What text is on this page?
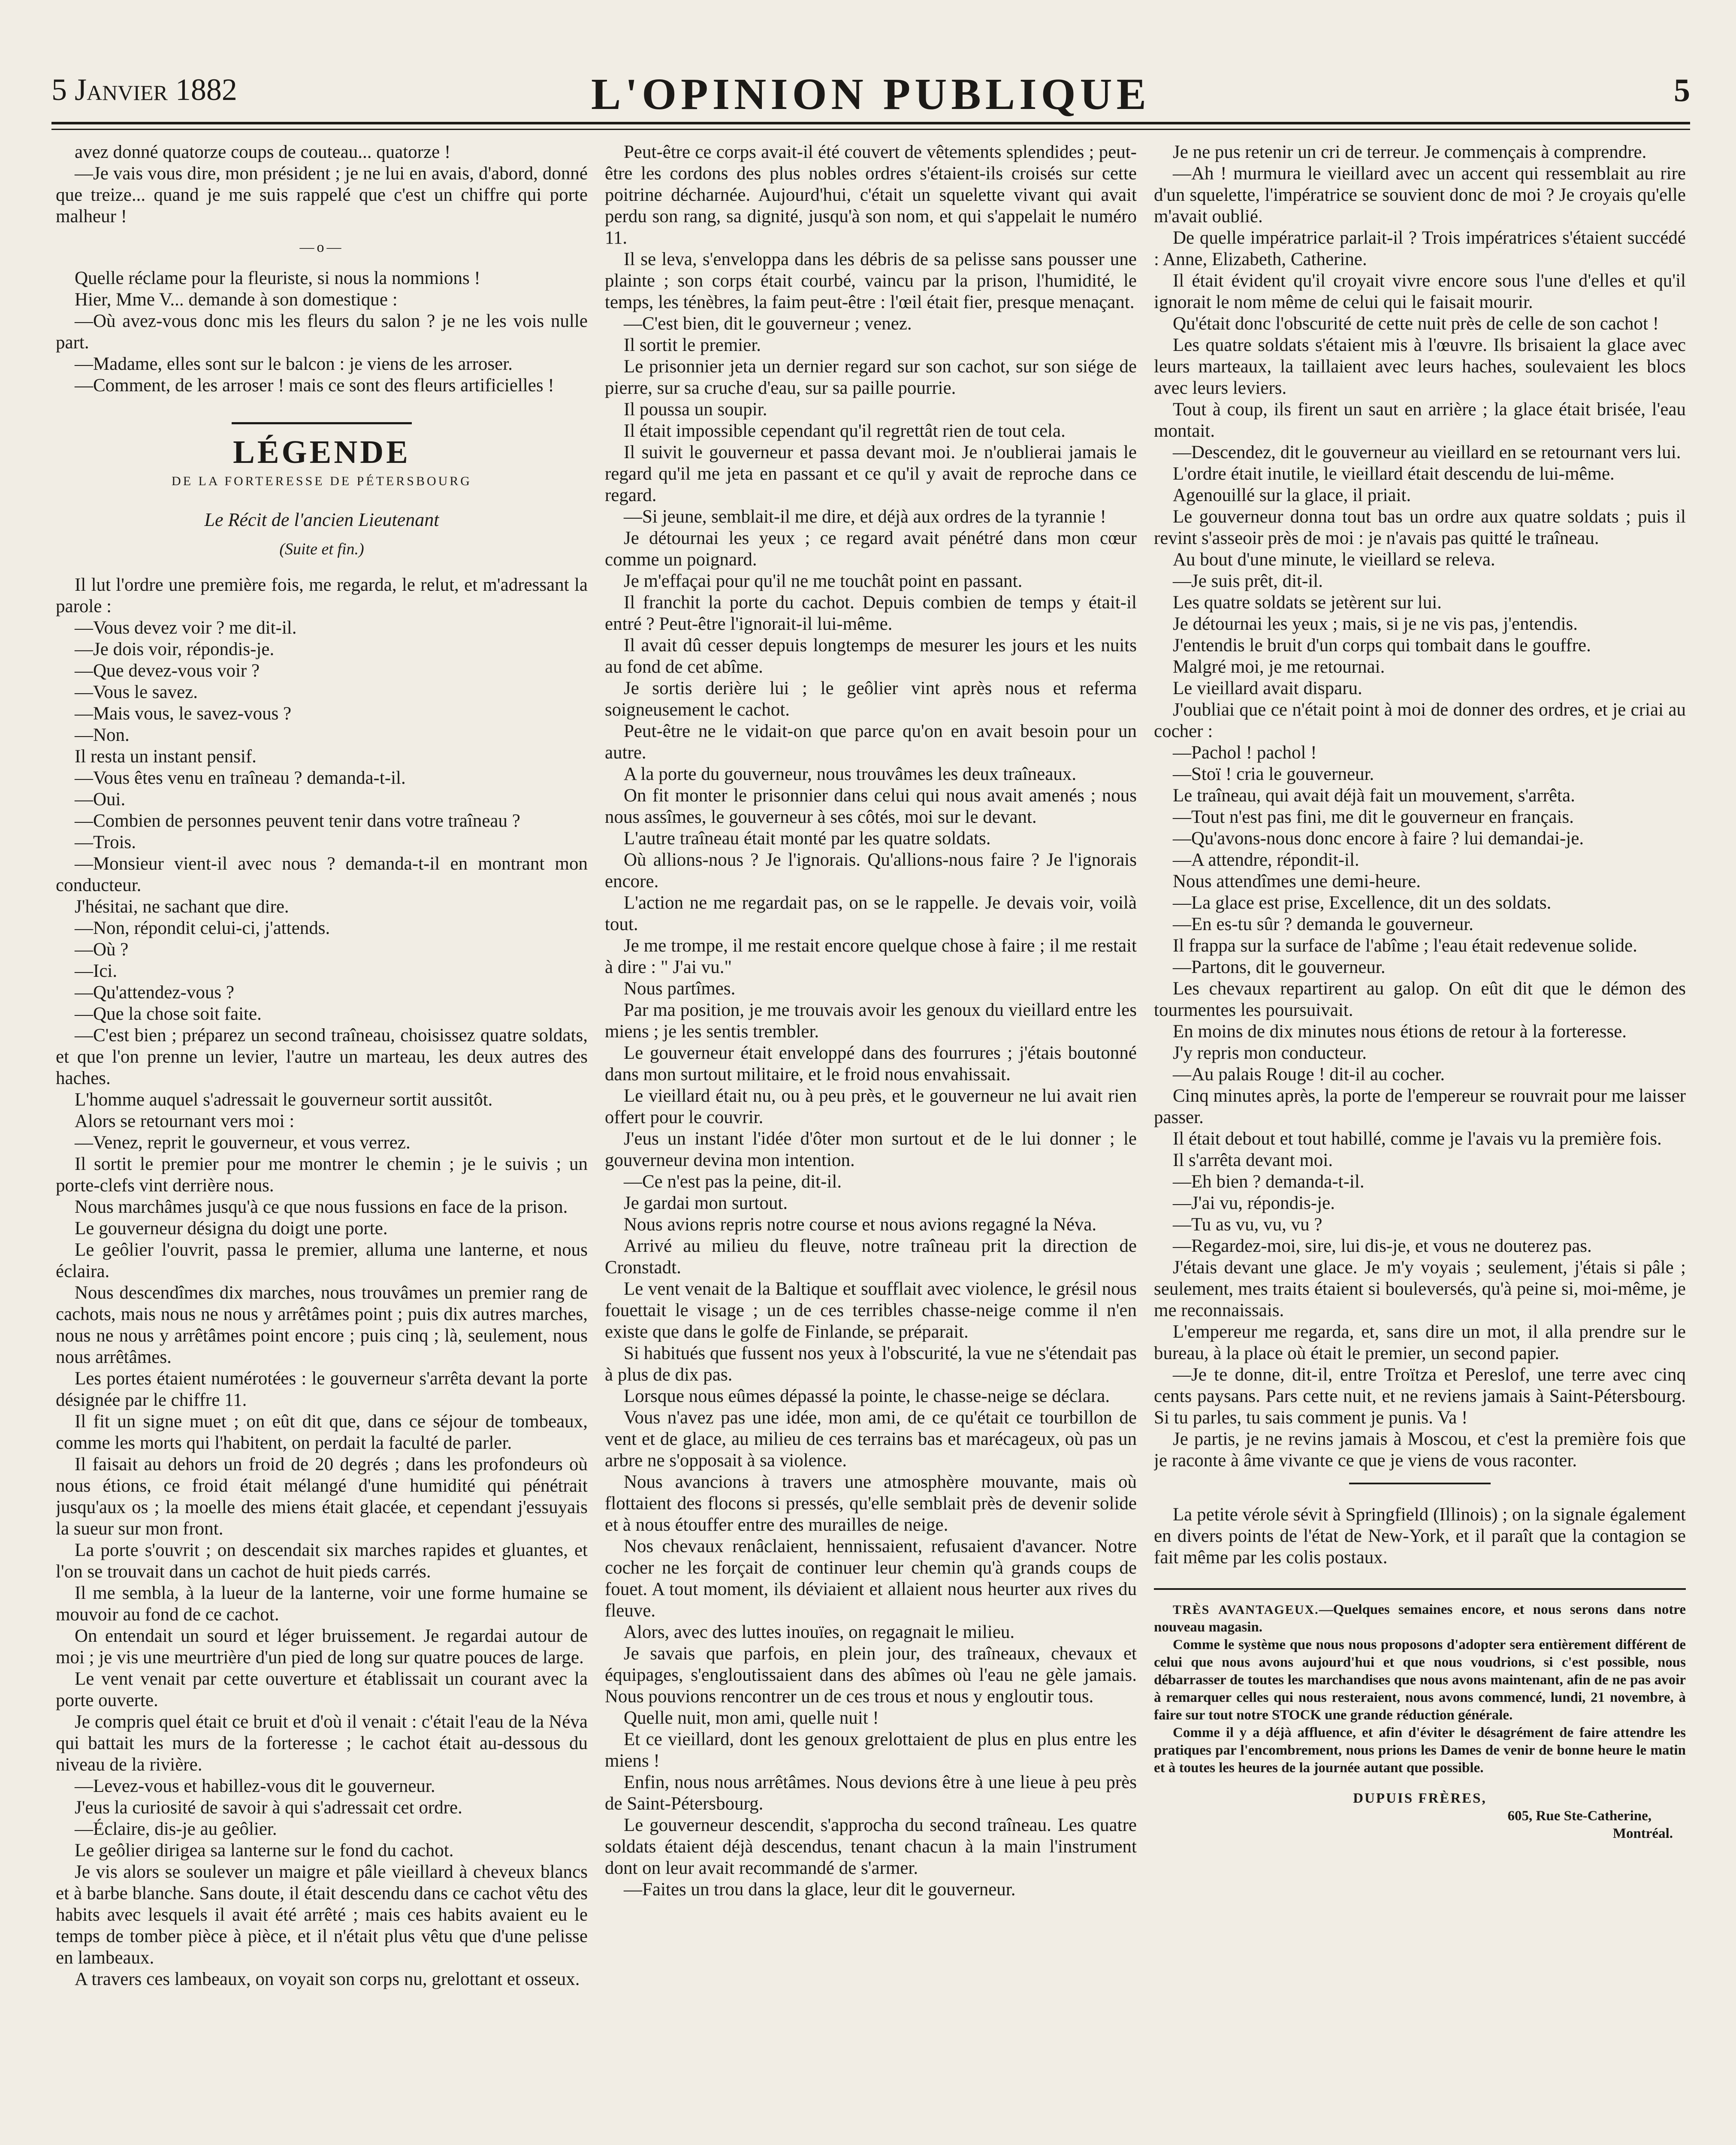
5 Janvier 1882	L'OPINION PUBLIQUE	5

avez donné quatorze coups de couteau... quatorze !

—Je vais vous dire, mon président ; je ne lui en avais, d'abord, donné que treize... quand je me suis rappelé que c'est un chiffre qui porte malheur !

—o—

Quelle réclame pour la fleuriste, si nous la nommions !

Hier, Mme V... demande à son domestique :

—Où avez-vous donc mis les fleurs du salon ? je ne les vois nulle part.

—Madame, elles sont sur le balcon : je viens de les arroser.

—Comment, de les arroser ! mais ce sont des fleurs artificielles !

LÉGENDE

DE LA FORTERESSE DE PÉTERSBOURG

Le Récit de l'ancien Lieutenant

(Suite et fin.)

Il lut l'ordre une première fois, me regarda, le relut, et m'adressant la parole :

—Vous devez voir ? me dit-il.

—Je dois voir, répondis-je.

—Que devez-vous voir ?

—Vous le savez.

—Mais vous, le savez-vous ?

—Non.

Il resta un instant pensif.

—Vous êtes venu en traîneau ? demanda-t-il.

—Oui.

—Combien de personnes peuvent tenir dans votre traîneau ?

—Trois.

—Monsieur vient-il avec nous ? demanda-t-il en montrant mon conducteur.

J'hésitai, ne sachant que dire.

—Non, répondit celui-ci, j'attends.

—Où ?

—Ici.

—Qu'attendez-vous ?

—Que la chose soit faite.

—C'est bien ; préparez un second traîneau, choisissez quatre soldats, et que l'on prenne un levier, l'autre un marteau, les deux autres des haches.

L'homme auquel s'adressait le gouverneur sortit aussitôt.

Alors se retournant vers moi :

—Venez, reprit le gouverneur, et vous verrez.

Il sortit le premier pour me montrer le chemin ; je le suivis ; un porte-clefs vint derrière nous.

Nous marchâmes jusqu'à ce que nous fussions en face de la prison.

Le gouverneur désigna du doigt une porte.

Le geôlier l'ouvrit, passa le premier, alluma une lanterne, et nous éclaira.

Nous descendîmes dix marches, nous trouvâmes un premier rang de cachots, mais nous ne nous y arrêtâmes point ; puis dix autres marches, nous ne nous y arrêtâmes point encore ; puis cinq ; là, seulement, nous nous arrêtâmes.

Les portes étaient numérotées : le gouverneur s'arrêta devant la porte désignée par le chiffre 11.

Il fit un signe muet ; on eût dit que, dans ce séjour de tombeaux, comme les morts qui l'habitent, on perdait la faculté de parler.

Il faisait au dehors un froid de 20 degrés ; dans les profondeurs où nous étions, ce froid était mélangé d'une humidité qui pénétrait jusqu'aux os ; la moelle des miens était glacée, et cependant j'essuyais la sueur sur mon front.

La porte s'ouvrit ; on descendait six marches rapides et gluantes, et l'on se trouvait dans un cachot de huit pieds carrés.

Il me sembla, à la lueur de la lanterne, voir une forme humaine se mouvoir au fond de ce cachot.

On entendait un sourd et léger bruissement. Je regardai autour de moi ; je vis une meurtrière d'un pied de long sur quatre pouces de large.

Le vent venait par cette ouverture et établissait un courant avec la porte ouverte.

Je compris quel était ce bruit et d'où il venait : c'était l'eau de la Néva qui battait les murs de la forteresse ; le cachot était au-dessous du niveau de la rivière.

—Levez-vous et habillez-vous dit le gouverneur.

J'eus la curiosité de savoir à qui s'adressait cet ordre.

—Éclaire, dis-je au geôlier.

Le geôlier dirigea sa lanterne sur le fond du cachot.

Je vis alors se soulever un maigre et pâle vieillard à cheveux blancs et à barbe blanche. Sans doute, il était descendu dans ce cachot vêtu des habits avec lesquels il avait été arrêté ; mais ces habits avaient eu le temps de tomber pièce à pièce, et il n'était plus vêtu que d'une pelisse en lambeaux.

A travers ces lambeaux, on voyait son corps nu, grelottant et osseux.

Peut-être ce corps avait-il été couvert de vêtements splendides ; peut-être les cordons des plus nobles ordres s'étaient-ils croisés sur cette poitrine décharnée. Aujourd'hui, c'était un squelette vivant qui avait perdu son rang, sa dignité, jusqu'à son nom, et qui s'appelait le numéro 11.

Il se leva, s'enveloppa dans les débris de sa pelisse sans pousser une plainte ; son corps était courbé, vaincu par la prison, l'humidité, le temps, les ténèbres, la faim peut-être : l'œil était fier, presque menaçant.

—C'est bien, dit le gouverneur ; venez.

Il sortit le premier.

Le prisonnier jeta un dernier regard sur son cachot, sur son siége de pierre, sur sa cruche d'eau, sur sa paille pourrie.

Il poussa un soupir.

Il était impossible cependant qu'il regrettât rien de tout cela.

Il suivit le gouverneur et passa devant moi. Je n'oublierai jamais le regard qu'il me jeta en passant et ce qu'il y avait de reproche dans ce regard.

—Si jeune, semblait-il me dire, et déjà aux ordres de la tyrannie !

Je détournai les yeux ; ce regard avait pénétré dans mon cœur comme un poignard.

Je m'effaçai pour qu'il ne me touchât point en passant.

Il franchit la porte du cachot. Depuis combien de temps y était-il entré ? Peut-être l'ignorait-il lui-même.

Il avait dû cesser depuis longtemps de mesurer les jours et les nuits au fond de cet abîme.

Je sortis derière lui ; le geôlier vint après nous et referma soigneusement le cachot.

Peut-être ne le vidait-on que parce qu'on en avait besoin pour un autre.

A la porte du gouverneur, nous trouvâmes les deux traîneaux.

On fit monter le prisonnier dans celui qui nous avait amenés ; nous nous assîmes, le gouverneur à ses côtés, moi sur le devant.

L'autre traîneau était monté par les quatre soldats.

Où allions-nous ? Je l'ignorais. Qu'allions-nous faire ? Je l'ignorais encore.

L'action ne me regardait pas, on se le rappelle. Je devais voir, voilà tout.

Je me trompe, il me restait encore quelque chose à faire ; il me restait à dire : " J'ai vu."

Nous partîmes.

Par ma position, je me trouvais avoir les genoux du vieillard entre les miens ; je les sentis trembler.

Le gouverneur était enveloppé dans des fourrures ; j'étais boutonné dans mon surtout militaire, et le froid nous envahissait.

Le vieillard était nu, ou à peu près, et le gouverneur ne lui avait rien offert pour le couvrir.

J'eus un instant l'idée d'ôter mon surtout et de le lui donner ; le gouverneur devina mon intention.

—Ce n'est pas la peine, dit-il.

Je gardai mon surtout.

Nous avions repris notre course et nous avions regagné la Néva.

Arrivé au milieu du fleuve, notre traîneau prit la direction de Cronstadt.

Le vent venait de la Baltique et soufflait avec violence, le grésil nous fouettait le visage ; un de ces terribles chasse-neige comme il n'en existe que dans le golfe de Finlande, se préparait.

Si habitués que fussent nos yeux à l'obscurité, la vue ne s'étendait pas à plus de dix pas.

Lorsque nous eûmes dépassé la pointe, le chasse-neige se déclara.

Vous n'avez pas une idée, mon ami, de ce qu'était ce tourbillon de vent et de glace, au milieu de ces terrains bas et marécageux, où pas un arbre ne s'opposait à sa violence.

Nous avancions à travers une atmosphère mouvante, mais où flottaient des flocons si pressés, qu'elle semblait près de devenir solide et à nous étouffer entre des murailles de neige.

Nos chevaux renâclaient, hennissaient, refusaient d'avancer. Notre cocher ne les forçait de continuer leur chemin qu'à grands coups de fouet. A tout moment, ils déviaient et allaient nous heurter aux rives du fleuve.

Alors, avec des luttes inouïes, on regagnait le milieu.

Je savais que parfois, en plein jour, des traîneaux, chevaux et équipages, s'engloutissaient dans des abîmes où l'eau ne gèle jamais. Nous pouvions rencontrer un de ces trous et nous y engloutir tous.

Quelle nuit, mon ami, quelle nuit !

Et ce vieillard, dont les genoux grelottaient de plus en plus entre les miens !

Enfin, nous nous arrêtâmes. Nous devions être à une lieue à peu près de Saint-Pétersbourg.

Le gouverneur descendit, s'approcha du second traîneau. Les quatre soldats étaient déjà descendus, tenant chacun à la main l'instrument dont on leur avait recommandé de s'armer.

—Faites un trou dans la glace, leur dit le gouverneur.

Je ne pus retenir un cri de terreur. Je commençais à comprendre.

—Ah ! murmura le vieillard avec un accent qui ressemblait au rire d'un squelette, l'impératrice se souvient donc de moi ? Je croyais qu'elle m'avait oublié.

De quelle impératrice parlait-il ? Trois impératrices s'étaient succédé : Anne, Elizabeth, Catherine.

Il était évident qu'il croyait vivre encore sous l'une d'elles et qu'il ignorait le nom même de celui qui le faisait mourir.

Qu'était donc l'obscurité de cette nuit près de celle de son cachot !

Les quatre soldats s'étaient mis à l'œuvre. Ils brisaient la glace avec leurs marteaux, la taillaient avec leurs haches, soulevaient les blocs avec leurs leviers.

Tout à coup, ils firent un saut en arrière ; la glace était brisée, l'eau montait.

—Descendez, dit le gouverneur au vieillard en se retournant vers lui.

L'ordre était inutile, le vieillard était descendu de lui-même.

Agenouillé sur la glace, il priait.

Le gouverneur donna tout bas un ordre aux quatre soldats ; puis il revint s'asseoir près de moi : je n'avais pas quitté le traîneau.

Au bout d'une minute, le vieillard se releva.

—Je suis prêt, dit-il.

Les quatre soldats se jetèrent sur lui.

Je détournai les yeux ; mais, si je ne vis pas, j'entendis.

J'entendis le bruit d'un corps qui tombait dans le gouffre.

Malgré moi, je me retournai.

Le vieillard avait disparu.

J'oubliai que ce n'était point à moi de donner des ordres, et je criai au cocher :

—Pachol ! pachol !

—Stoï ! cria le gouverneur.

Le traîneau, qui avait déjà fait un mouvement, s'arrêta.

—Tout n'est pas fini, me dit le gouverneur en français.

—Qu'avons-nous donc encore à faire ? lui demandai-je.

—A attendre, répondit-il.

Nous attendîmes une demi-heure.

—La glace est prise, Excellence, dit un des soldats.

—En es-tu sûr ? demanda le gouverneur.

Il frappa sur la surface de l'abîme ; l'eau était redevenue solide.

—Partons, dit le gouverneur.

Les chevaux repartirent au galop. On eût dit que le démon des tourmentes les poursuivait.

En moins de dix minutes nous étions de retour à la forteresse.

J'y repris mon conducteur.

—Au palais Rouge ! dit-il au cocher.

Cinq minutes après, la porte de l'empereur se rouvrait pour me laisser passer.

Il était debout et tout habillé, comme je l'avais vu la première fois.

Il s'arrêta devant moi.

—Eh bien ? demanda-t-il.

—J'ai vu, répondis-je.

—Tu as vu, vu, vu ?

—Regardez-moi, sire, lui dis-je, et vous ne douterez pas.

J'étais devant une glace. Je m'y voyais ; seulement, j'étais si pâle ; seulement, mes traits étaient si bouleversés, qu'à peine si, moi-même, je me reconnaissais.

L'empereur me regarda, et, sans dire un mot, il alla prendre sur le bureau, à la place où était le premier, un second papier.

—Je te donne, dit-il, entre Troïtza et Pereslof, une terre avec cinq cents paysans. Pars cette nuit, et ne reviens jamais à Saint-Pétersbourg. Si tu parles, tu sais comment je punis. Va !

Je partis, je ne revins jamais à Moscou, et c'est la première fois que je raconte à âme vivante ce que je viens de vous raconter.

La petite vérole sévit à Springfield (Illinois) ; on la signale également en divers points de l'état de New-York, et il paraît que la contagion se fait même par les colis postaux.

TRÈS AVANTAGEUX.—Quelques semaines encore, et nous serons dans notre nouveau magasin.

Comme le système que nous nous proposons d'adopter sera entièrement différent de celui que nous avons aujourd'hui et que nous voudrions, si c'est possible, nous débarrasser de toutes les marchandises que nous avons maintenant, afin de ne pas avoir à remarquer celles qui nous resteraient, nous avons commencé, lundi, 21 novembre, à faire sur tout notre STOCK une grande réduction générale.

Comme il y a déjà affluence, et afin d'éviter le désagrément de faire attendre les pratiques par l'encombrement, nous prions les Dames de venir de bonne heure le matin et à toutes les heures de la journée autant que possible.

DUPUIS FRÈRES,

605, Rue Ste-Catherine,

Montréal.
